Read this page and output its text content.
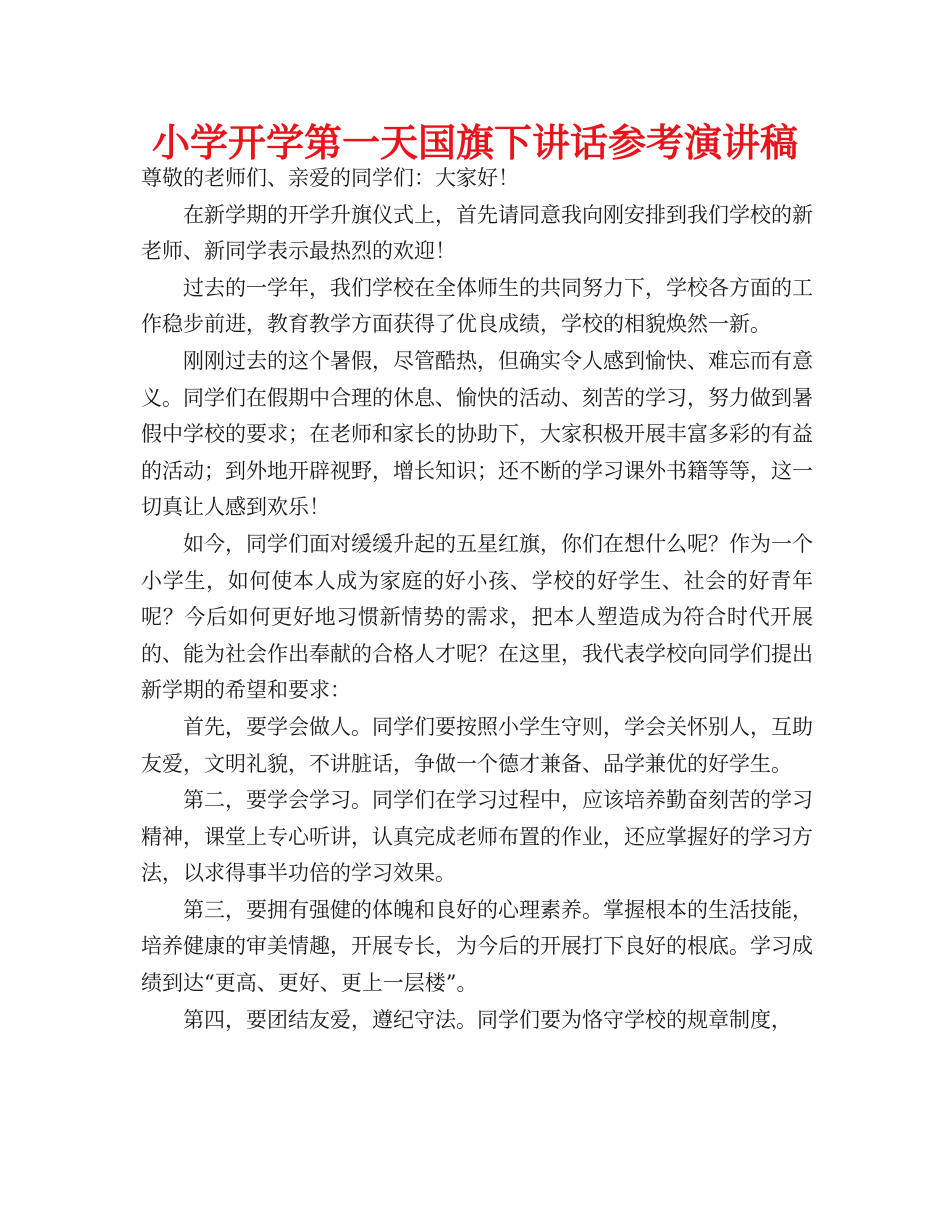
小学开学第一天国旗下讲话参考演讲稿

尊敬的老师们、亲爱的同学们：大家好！

在新学期的开学升旗仪式上，首先请同意我向刚安排到我们学校的新老师、新同学表示最热烈的欢迎！

过去的一学年，我们学校在全体师生的共同努力下，学校各方面的工作稳步前进，教育教学方面获得了优良成绩，学校的相貌焕然一新。

刚刚过去的这个暑假，尽管酷热，但确实令人感到愉快、难忘而有意义。同学们在假期中合理的休息、愉快的活动、刻苦的学习，努力做到暑假中学校的要求；在老师和家长的协助下，大家积极开展丰富多彩的有益的活动；到外地开辟视野，增长知识；还不断的学习课外书籍等等，这一切真让人感到欢乐！

如今，同学们面对缓缓升起的五星红旗，你们在想什么呢？作为一个小学生，如何使本人成为家庭的好小孩、学校的好学生、社会的好青年呢？今后如何更好地习惯新情势的需求，把本人塑造成为符合时代开展的、能为社会作出奉献的合格人才呢？在这里，我代表学校向同学们提出新学期的希望和要求：

首先，要学会做人。同学们要按照小学生守则，学会关怀别人，互助友爱，文明礼貌，不讲脏话，争做一个德才兼备、品学兼优的好学生。

第二，要学会学习。同学们在学习过程中，应该培养勤奋刻苦的学习精神，课堂上专心听讲，认真完成老师布置的作业，还应掌握好的学习方法，以求得事半功倍的学习效果。

第三，要拥有强健的体魄和良好的心理素养。掌握根本的生活技能，培养健康的审美情趣，开展专长，为今后的开展打下良好的根底。学习成绩到达“更高、更好、更上一层楼”。

第四，要团结友爱，遵纪守法。同学们要为恪守学校的规章制度，
